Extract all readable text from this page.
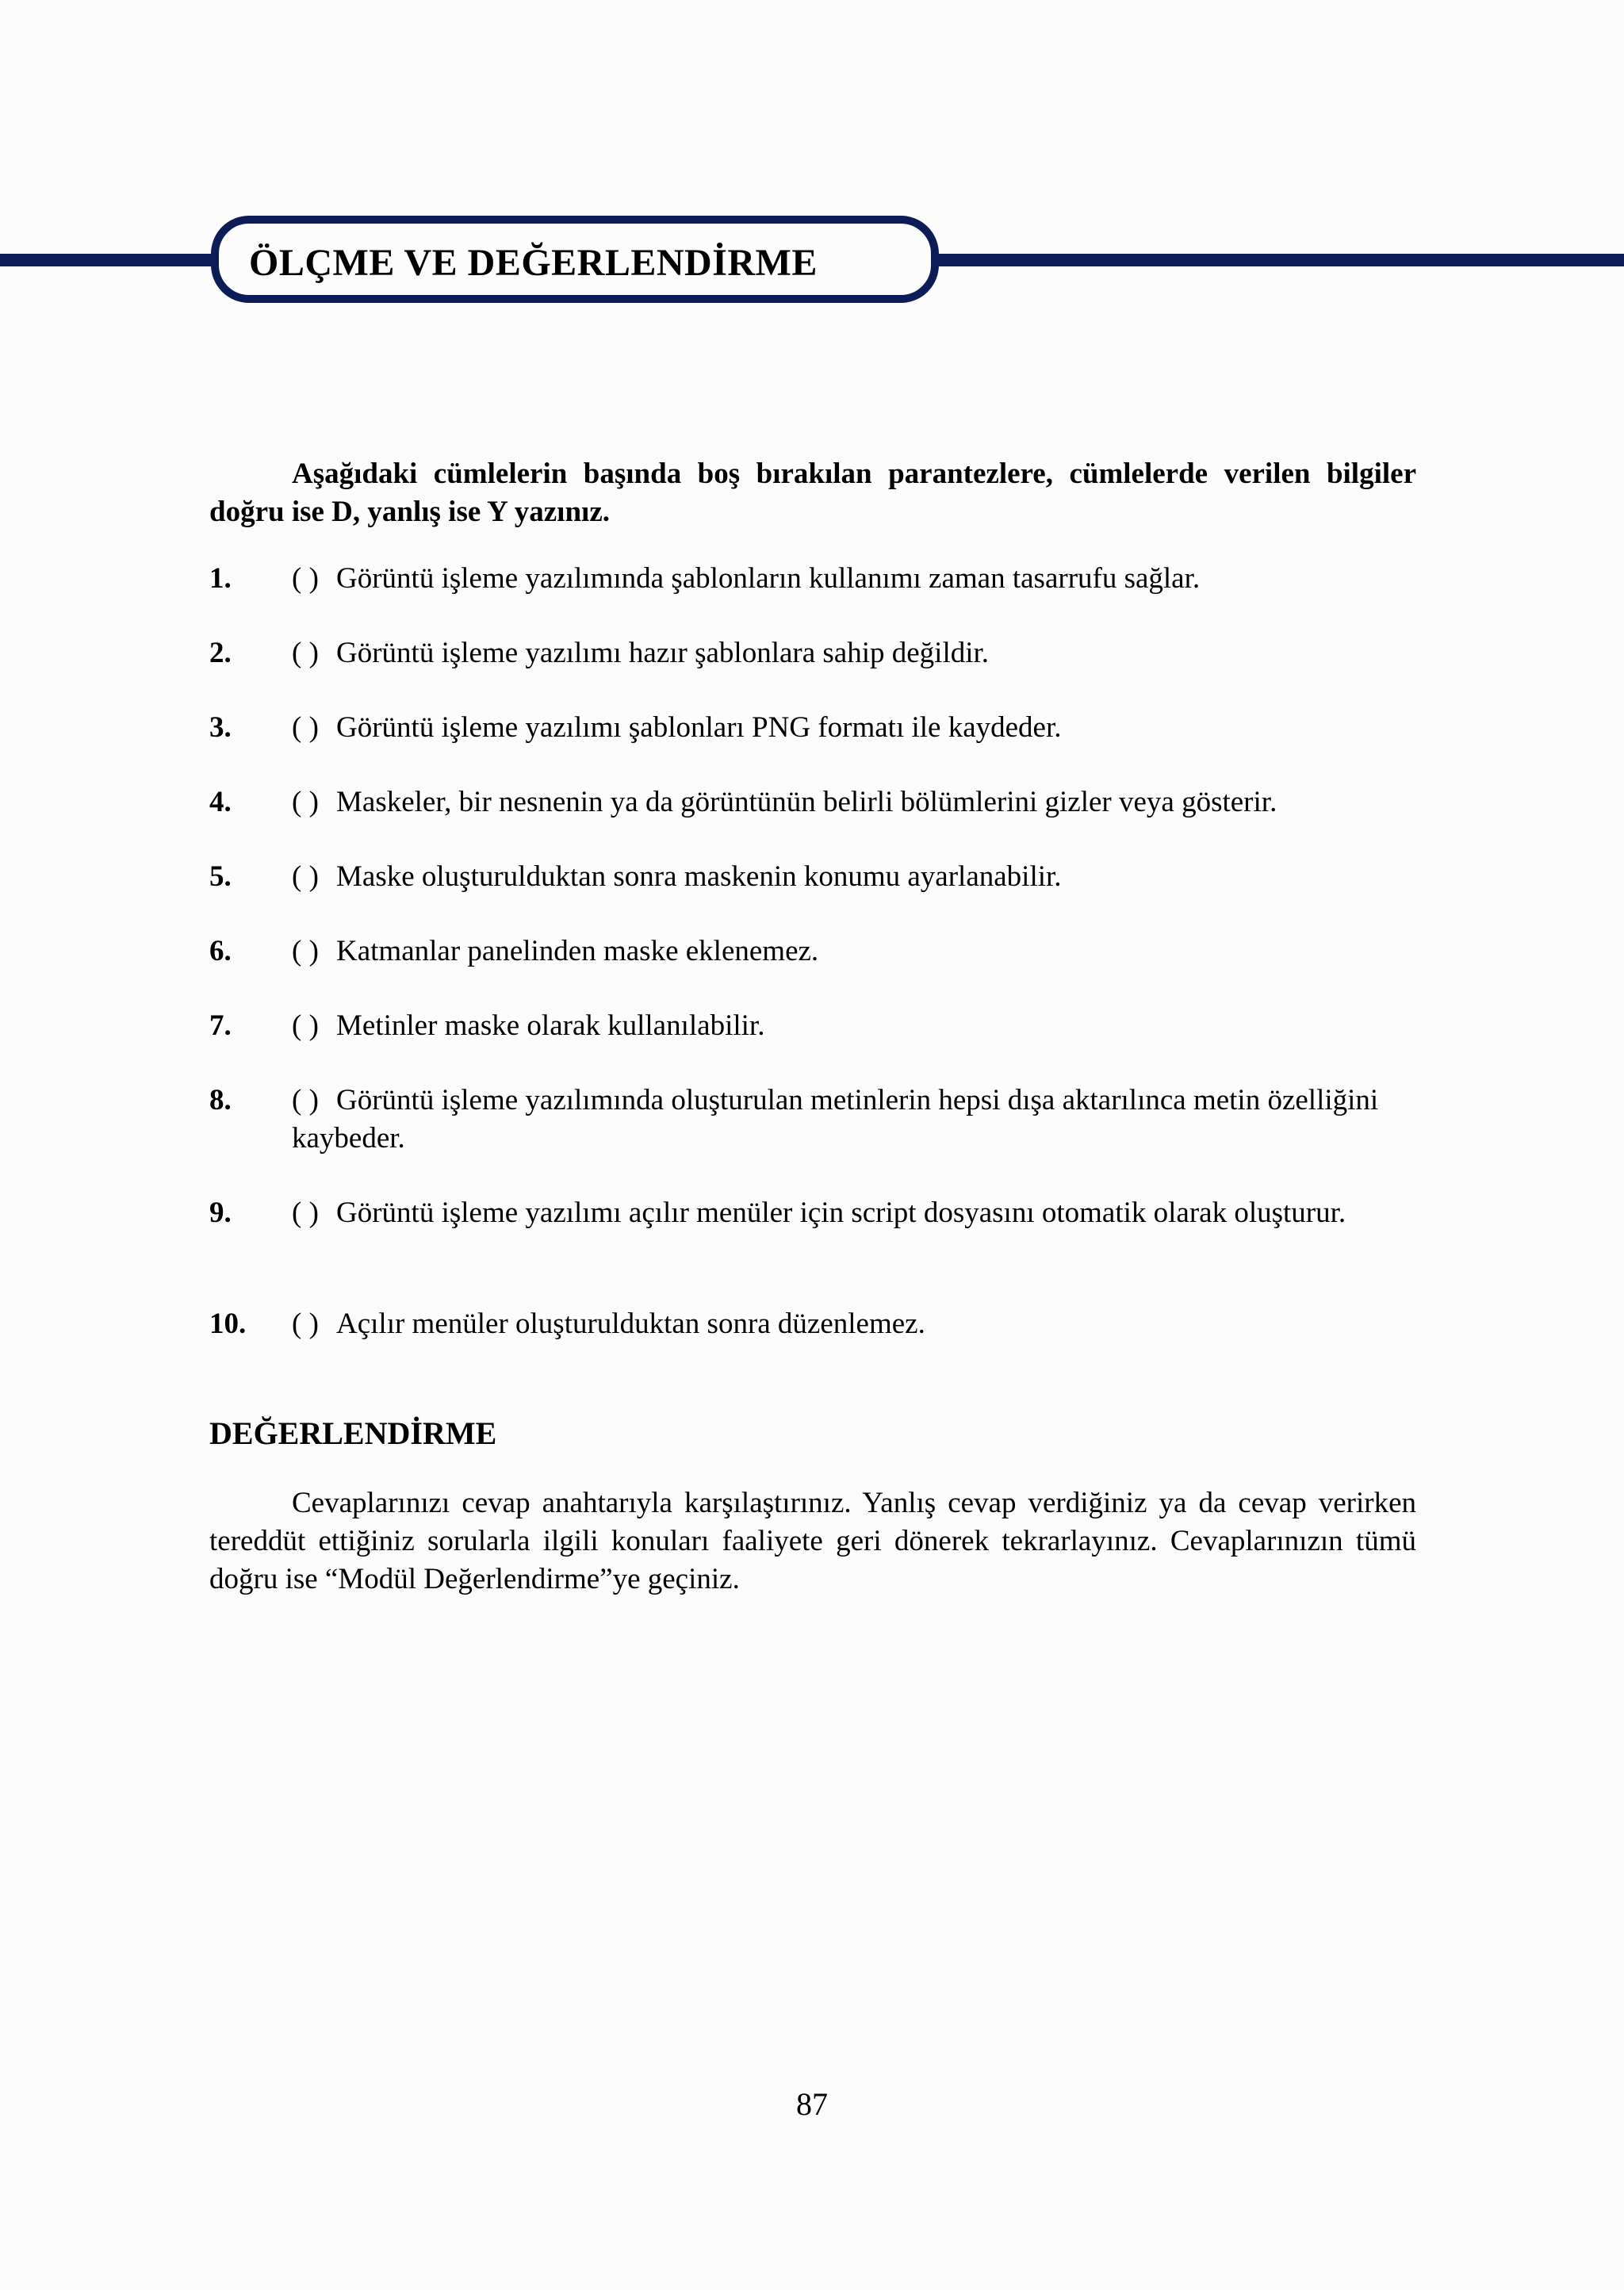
ÖLÇME VE DEĞERLENDİRME

Aşağıdaki cümlelerin başında boş bırakılan parantezlere, cümlelerde verilen bilgiler doğru ise D, yanlış ise Y yazınız.

1. ( ) Görüntü işleme yazılımında şablonların kullanımı zaman tasarrufu sağlar.
2. ( ) Görüntü işleme yazılımı hazır şablonlara sahip değildir.
3. ( ) Görüntü işleme yazılımı şablonları PNG formatı ile kaydeder.
4. ( ) Maskeler, bir nesnenin ya da görüntünün belirli bölümlerini gizler veya gösterir.
5. ( ) Maske oluşturulduktan sonra maskenin konumu ayarlanabilir.
6. ( ) Katmanlar panelinden maske eklenemez.
7. ( ) Metinler maske olarak kullanılabilir.
8. ( ) Görüntü işleme yazılımında oluşturulan metinlerin hepsi dışa aktarılınca metin özelliğini kaybeder.
9. ( ) Görüntü işleme yazılımı açılır menüler için script dosyasını otomatik olarak oluşturur.
10. ( ) Açılır menüler oluşturulduktan sonra düzenlemez.
DEĞERLENDİRME

Cevaplarınızı cevap anahtarıyla karşılaştırınız. Yanlış cevap verdiğiniz ya da cevap verirken tereddüt ettiğiniz sorularla ilgili konuları faaliyete geri dönerek tekrarlayınız. Cevaplarınızın tümü doğru ise “Modül Değerlendirme”ye geçiniz.

87
